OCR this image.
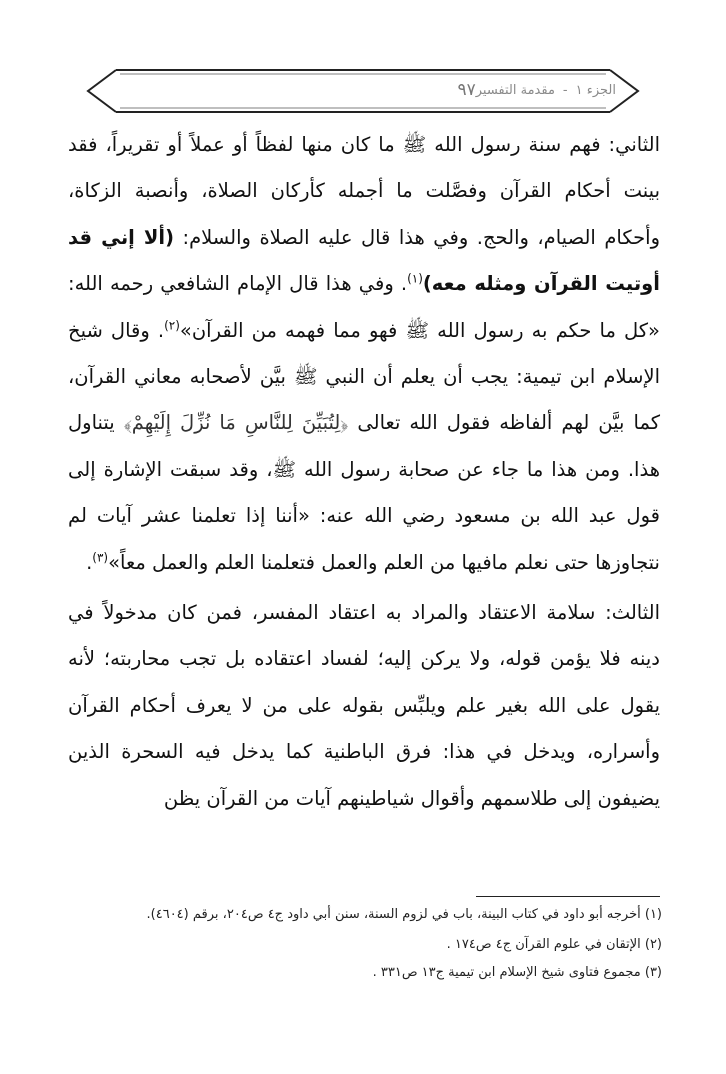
الجزء ١
-
مقدمة التفسير
٩٧

الثاني: فهم سنة رسول الله ﷺ ما كان منها لفظاً أو عملاً أو تقريراً، فقد بينت أحكام القرآن وفصَّلت ما أجمله كأركان الصلاة، وأنصبة الزكاة، وأحكام الصيام، والحج. وفي هذا قال عليه الصلاة والسلام: (ألا إني قد أوتيت القرآن ومثله معه)$^{(١)}$. وفي هذا قال الإمام الشافعي رحمه الله: «كل ما حكم به رسول الله ﷺ فهو مما فهمه من القرآن»$^{(٢)}$. وقال شيخ الإسلام ابن تيمية: يجب أن يعلم أن النبي ﷺ بيَّن لأصحابه معاني القرآن، كما بيَّن لهم ألفاظه فقول الله تعالى ﴿لِتُبَيِّنَ لِلنَّاسِ مَا نُزِّلَ إِلَيْهِمْ﴾ يتناول هذا. ومن هذا ما جاء عن صحابة رسول الله ﷺ، وقد سبقت الإشارة إلى قول عبد الله بن مسعود رضي الله عنه: «أننا إذا تعلمنا عشر آيات لم نتجاوزها حتى نعلم مافيها من العلم والعمل فتعلمنا العلم والعمل معاً»$^{(٣)}$.

الثالث: سلامة الاعتقاد والمراد به اعتقاد المفسر، فمن كان مدخولاً في دينه فلا يؤمن قوله، ولا يركن إليه؛ لفساد اعتقاده بل تجب محاربته؛ لأنه يقول على الله بغير علم ويلبِّس بقوله على من لا يعرف أحكام القرآن وأسراره، ويدخل في هذا: فرق الباطنية كما يدخل فيه السحرة الذين يضيفون إلى طلاسمهم وأقوال شياطينهم آيات من القرآن يظن

(١) أخرجه أبو داود في كتاب البينة، باب في لزوم السنة، سنن أبي داود ج٤ ص٢٠٤، برقم (٤٦٠٤).

(٢) الإتقان في علوم القرآن ج٤ ص١٧٤ .

(٣) مجموع فتاوى شيخ الإسلام ابن تيمية ج١٣ ص٣٣١ .
